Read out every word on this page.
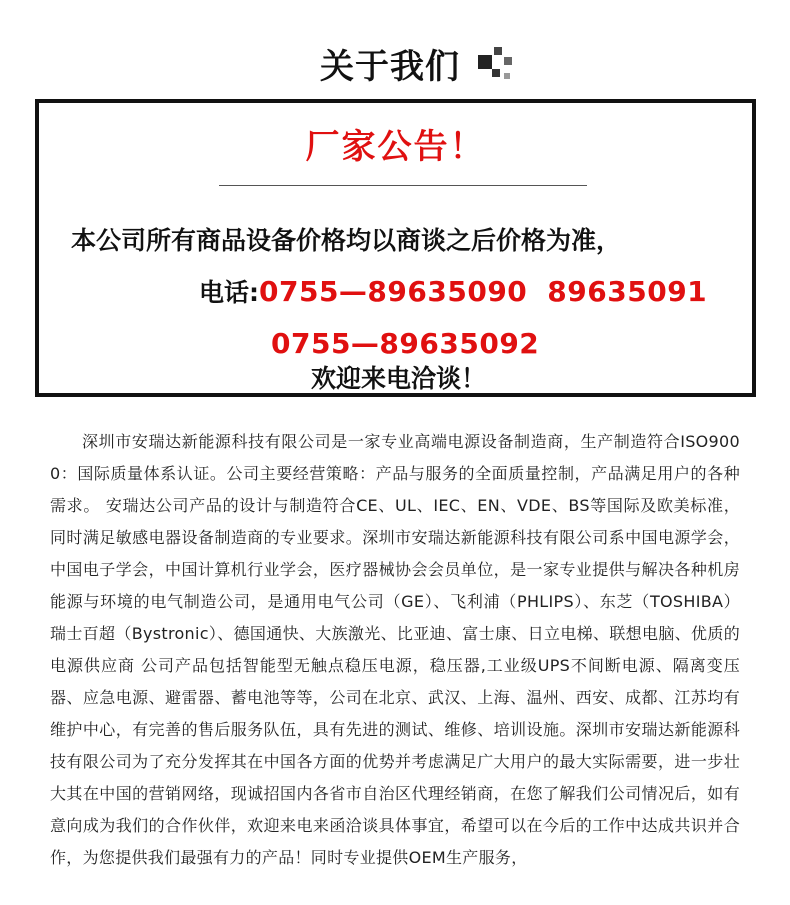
关于我们
厂家公告！
本公司所有商品设备价格均以商谈之后价格为准，
电话:0755—89635090 89635091
0755—89635092
欢迎来电洽谈！

深圳市安瑞达新能源科技有限公司是一家专业高端电源设备制造商，生产制造符合ISO9000：国际质量体系认证。公司主要经营策略：产品与服务的全面质量控制，产品满足用户的各种需求。 安瑞达公司产品的设计与制造符合CE、UL、IEC、EN、VDE、BS等国际及欧美标准，同时满足敏感电器设备制造商的专业要求。深圳市安瑞达新能源科技有限公司系中国电源学会，中国电子学会，中国计算机行业学会，医疗器械协会会员单位，是一家专业提供与解决各种机房能源与环境的电气制造公司，是通用电气公司（GE）、飞利浦（PHLIPS）、东芝（TOSHIBA）瑞士百超（Bystronic）、德国通快、大族激光、比亚迪、富士康、日立电梯、联想电脑、优质的电源供应商 公司产品包括智能型无触点稳压电源，稳压器,工业级UPS不间断电源、隔离变压器、应急电源、避雷器、蓄电池等等，公司在北京、武汉、上海、温州、西安、成都、江苏均有维护中心，有完善的售后服务队伍，具有先进的测试、维修、培训设施。深圳市安瑞达新能源科技有限公司为了充分发挥其在中国各方面的优势并考虑满足广大用户的最大实际需要，进一步壮大其在中国的营销网络，现诚招国内各省市自治区代理经销商，在您了解我们公司情况后，如有意向成为我们的合作伙伴，欢迎来电来函洽谈具体事宜，希望可以在今后的工作中达成共识并合作，为您提供我们最强有力的产品！同时专业提供OEM生产服务，
